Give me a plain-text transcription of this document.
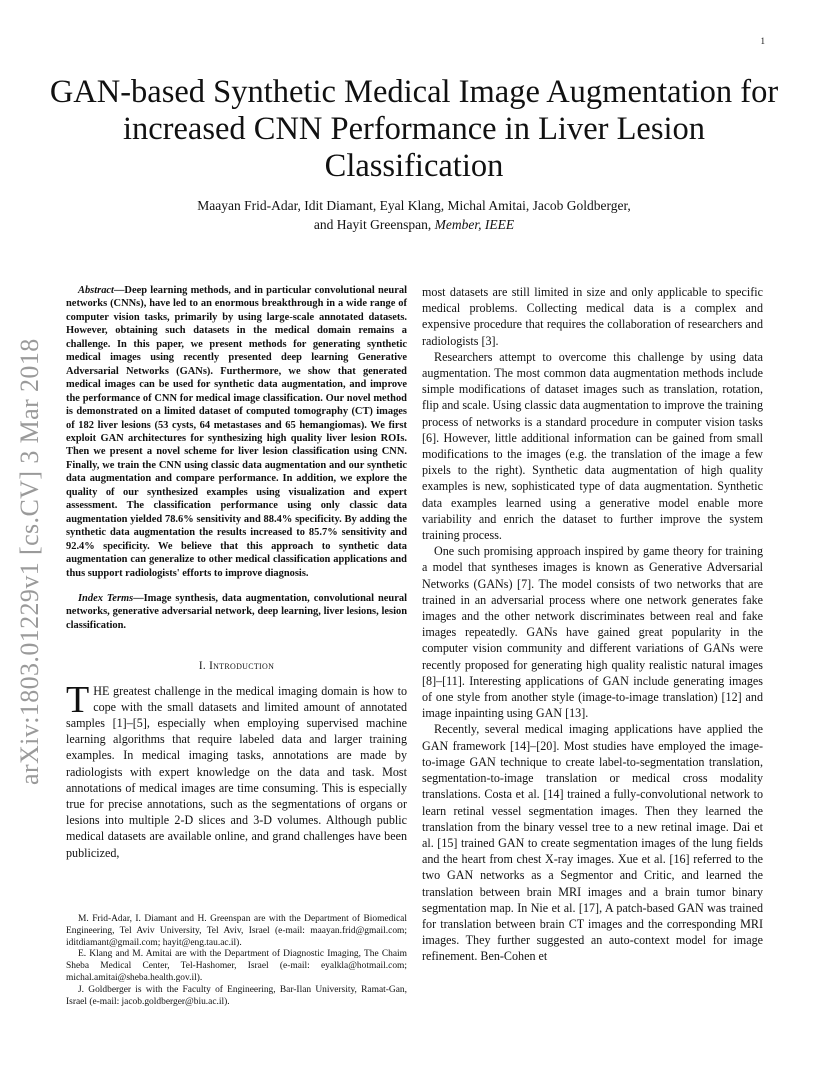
1
arXiv:1803.01229v1 [cs.CV] 3 Mar 2018
GAN-based Synthetic Medical Image Augmentation for increased CNN Performance in Liver Lesion Classification
Maayan Frid-Adar, Idit Diamant, Eyal Klang, Michal Amitai, Jacob Goldberger,
and Hayit Greenspan, Member, IEEE

Abstract—Deep learning methods, and in particular convolutional neural networks (CNNs), have led to an enormous breakthrough in a wide range of computer vision tasks, primarily by using large-scale annotated datasets. However, obtaining such datasets in the medical domain remains a challenge. In this paper, we present methods for generating synthetic medical images using recently presented deep learning Generative Adversarial Networks (GANs). Furthermore, we show that generated medical images can be used for synthetic data augmentation, and improve the performance of CNN for medical image classification. Our novel method is demonstrated on a limited dataset of computed tomography (CT) images of 182 liver lesions (53 cysts, 64 metastases and 65 hemangiomas). We first exploit GAN architectures for synthesizing high quality liver lesion ROIs. Then we present a novel scheme for liver lesion classification using CNN. Finally, we train the CNN using classic data augmentation and our synthetic data augmentation and compare performance. In addition, we explore the quality of our synthesized examples using visualization and expert assessment. The classification performance using only classic data augmentation yielded 78.6% sensitivity and 88.4% specificity. By adding the synthetic data augmentation the results increased to 85.7% sensitivity and 92.4% specificity. We believe that this approach to synthetic data augmentation can generalize to other medical classification applications and thus support radiologists' efforts to improve diagnosis.

Index Terms—Image synthesis, data augmentation, convolutional neural networks, generative adversarial network, deep learning, liver lesions, lesion classification.

I. Introduction

THE greatest challenge in the medical imaging domain is how to cope with the small datasets and limited amount of annotated samples [1]–[5], especially when employing supervised machine learning algorithms that require labeled data and larger training examples. In medical imaging tasks, annotations are made by radiologists with expert knowledge on the data and task. Most annotations of medical images are time consuming. This is especially true for precise annotations, such as the segmentations of organs or lesions into multiple 2-D slices and 3-D volumes. Although public medical datasets are available online, and grand challenges have been publicized,

M. Frid-Adar, I. Diamant and H. Greenspan are with the Department of Biomedical Engineering, Tel Aviv University, Tel Aviv, Israel (e-mail: maayan.frid@gmail.com; iditdiamant@gmail.com; hayit@eng.tau.ac.il).

E. Klang and M. Amitai are with the Department of Diagnostic Imaging, The Chaim Sheba Medical Center, Tel-Hashomer, Israel (e-mail: eyalkla@hotmail.com; michal.amitai@sheba.health.gov.il).

J. Goldberger is with the Faculty of Engineering, Bar-Ilan University, Ramat-Gan, Israel (e-mail: jacob.goldberger@biu.ac.il).

most datasets are still limited in size and only applicable to specific medical problems. Collecting medical data is a complex and expensive procedure that requires the collaboration of researchers and radiologists [3].

Researchers attempt to overcome this challenge by using data augmentation. The most common data augmentation methods include simple modifications of dataset images such as translation, rotation, flip and scale. Using classic data augmentation to improve the training process of networks is a standard procedure in computer vision tasks [6]. However, little additional information can be gained from small modifications to the images (e.g. the translation of the image a few pixels to the right). Synthetic data augmentation of high quality examples is new, sophisticated type of data augmentation. Synthetic data examples learned using a generative model enable more variability and enrich the dataset to further improve the system training process.

One such promising approach inspired by game theory for training a model that syntheses images is known as Generative Adversarial Networks (GANs) [7]. The model consists of two networks that are trained in an adversarial process where one network generates fake images and the other network discriminates between real and fake images repeatedly. GANs have gained great popularity in the computer vision community and different variations of GANs were recently proposed for generating high quality realistic natural images [8]–[11]. Interesting applications of GAN include generating images of one style from another style (image-to-image translation) [12] and image inpainting using GAN [13].

Recently, several medical imaging applications have applied the GAN framework [14]–[20]. Most studies have employed the image-to-image GAN technique to create label-to-segmentation translation, segmentation-to-image translation or medical cross modality translations. Costa et al. [14] trained a fully-convolutional network to learn retinal vessel segmentation images. Then they learned the translation from the binary vessel tree to a new retinal image. Dai et al. [15] trained GAN to create segmentation images of the lung fields and the heart from chest X-ray images. Xue et al. [16] referred to the two GAN networks as a Segmentor and Critic, and learned the translation between brain MRI images and a brain tumor binary segmentation map. In Nie et al. [17], A patch-based GAN was trained for translation between brain CT images and the corresponding MRI images. They further suggested an auto-context model for image refinement. Ben-Cohen et
